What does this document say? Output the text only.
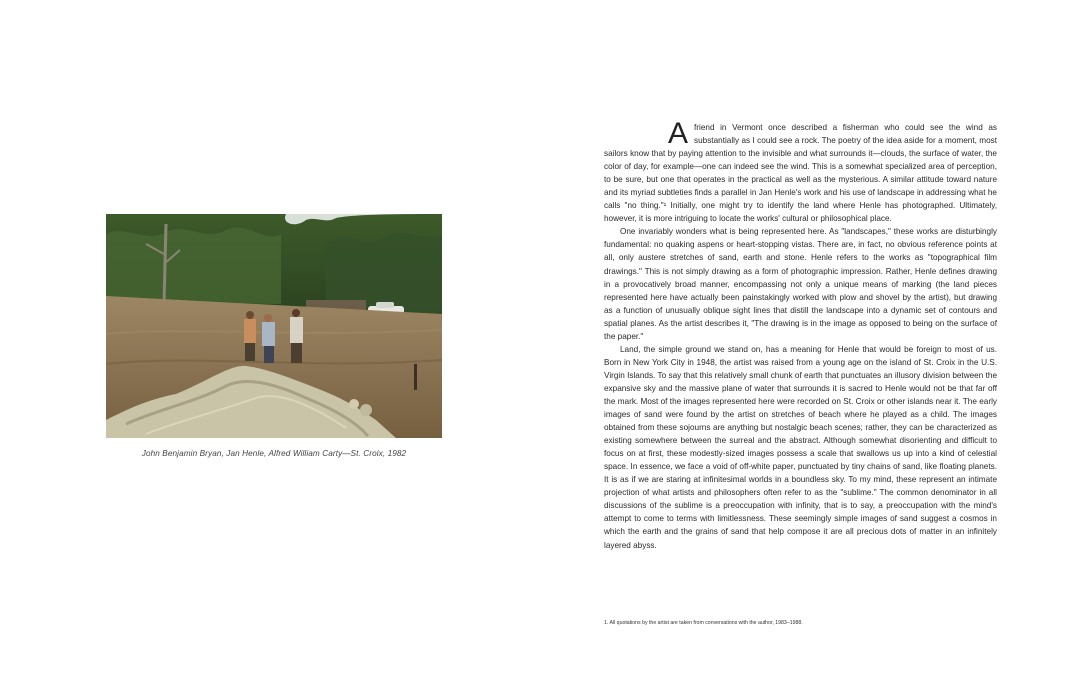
John Benjamin Bryan, Jan Henle, Alfred William Carty—St. Croix, 1982

Afriend in Vermont once described a fisherman who could see the wind as substantially as I could see a rock. The poetry of the idea aside for a moment, most sailors know that by paying attention to the invisible and what surrounds it—clouds, the surface of water, the color of day, for example—one can indeed see the wind. This is a somewhat specialized area of perception, to be sure, but one that operates in the practical as well as the mysterious. A similar attitude toward nature and its myriad subtleties finds a parallel in Jan Henle's work and his use of landscape in addressing what he calls "no thing."¹ Initially, one might try to identify the land where Henle has photographed. Ultimately, however, it is more intriguing to locate the works' cultural or philosophical place.

One invariably wonders what is being represented here. As "landscapes," these works are disturbingly fundamental: no quaking aspens or heart-stopping vistas. There are, in fact, no obvious reference points at all, only austere stretches of sand, earth and stone. Henle refers to the works as "topographical film drawings." This is not simply drawing as a form of photographic impression. Rather, Henle defines drawing in a provocatively broad manner, encompassing not only a unique means of marking (the land pieces represented here have actually been painstakingly worked with plow and shovel by the artist), but drawing as a function of unusually oblique sight lines that distill the landscape into a dynamic set of contours and spatial planes. As the artist describes it, "The drawing is in the image as opposed to being on the surface of the paper."

Land, the simple ground we stand on, has a meaning for Henle that would be foreign to most of us. Born in New York City in 1948, the artist was raised from a young age on the island of St. Croix in the U.S. Virgin Islands. To say that this relatively small chunk of earth that punctuates an illusory division between the expansive sky and the massive plane of water that surrounds it is sacred to Henle would not be that far off the mark. Most of the images represented here were recorded on St. Croix or other islands near it. The early images of sand were found by the artist on stretches of beach where he played as a child. The images obtained from these sojourns are anything but nostalgic beach scenes; rather, they can be characterized as existing somewhere between the surreal and the abstract. Although somewhat disorienting and difficult to focus on at first, these modestly-sized images possess a scale that swallows us up into a kind of celestial space. In essence, we face a void of off-white paper, punctuated by tiny chains of sand, like floating planets. It is as if we are staring at infinitesimal worlds in a boundless sky. To my mind, these represent an intimate projection of what artists and philosophers often refer to as the "sublime." The common denominator in all discussions of the sublime is a preoccupation with infinity, that is to say, a preoccupation with the mind's attempt to come to terms with limitlessness. These seemingly simple images of sand suggest a cosmos in which the earth and the grains of sand that help compose it are all precious dots of matter in an infinitely layered abyss.

1. All quotations by the artist are taken from conversations with the author, 1983–1988.
